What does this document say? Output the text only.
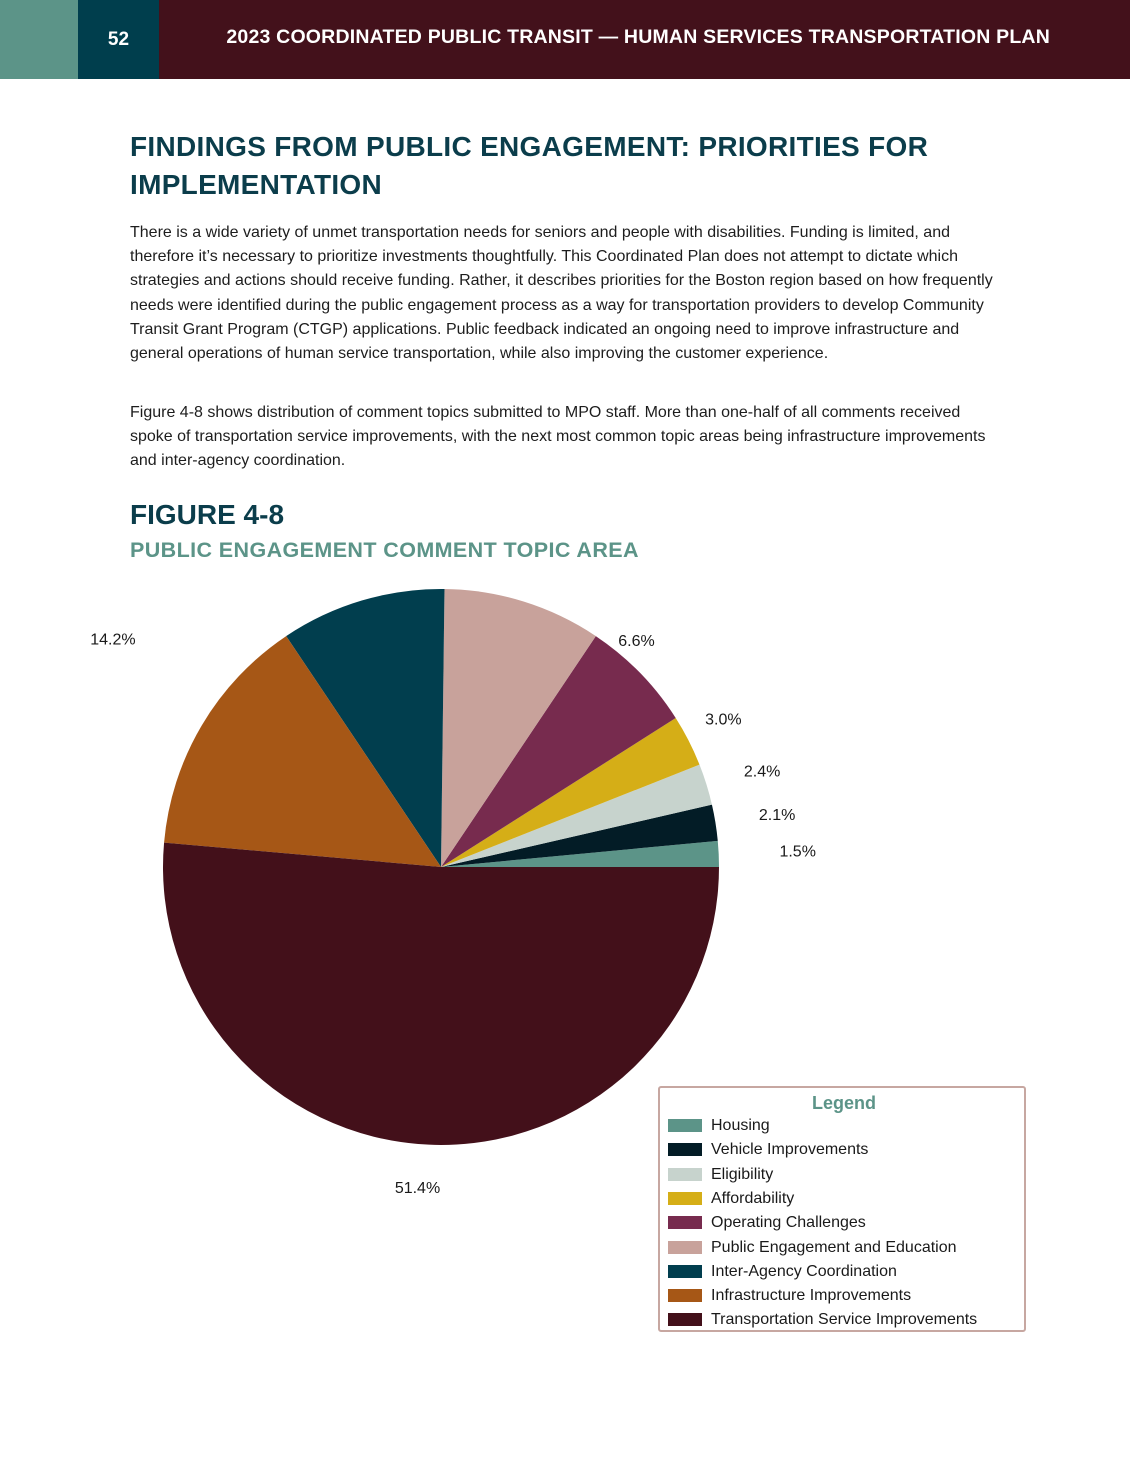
52	2023 COORDINATED PUBLIC TRANSIT — HUMAN SERVICES TRANSPORTATION PLAN
FINDINGS FROM PUBLIC ENGAGEMENT: PRIORITIES FOR IMPLEMENTATION

There is a wide variety of unmet transportation needs for seniors and people with disabilities. Funding is limited, and therefore it’s necessary to prioritize investments thoughtfully. This Coordinated Plan does not attempt to dictate which strategies and actions should receive funding. Rather, it describes priorities for the Boston region based on how frequently needs were identified during the public engagement process as a way for transportation providers to develop Community Transit Grant Program (CTGP) applications. Public feedback indicated an ongoing need to improve infrastructure and general operations of human service transportation, while also improving the customer experience.

Figure 4-8 shows distribution of comment topics submitted to MPO staff. More than one-half of all comments received spoke of transportation service improvements, with the next most common topic areas being infrastructure improvements and inter-agency coordination.

FIGURE 4-8
PUBLIC ENGAGEMENT COMMENT TOPIC AREA
1.5%
2.1%
2.4%
3.0%
6.6%
14.2%
51.4%
Legend
Housing
Vehicle Improvements
Eligibility
Affordability
Operating Challenges
Public Engagement and Education
Inter-Agency Coordination
Infrastructure Improvements
Transportation Service Improvements
